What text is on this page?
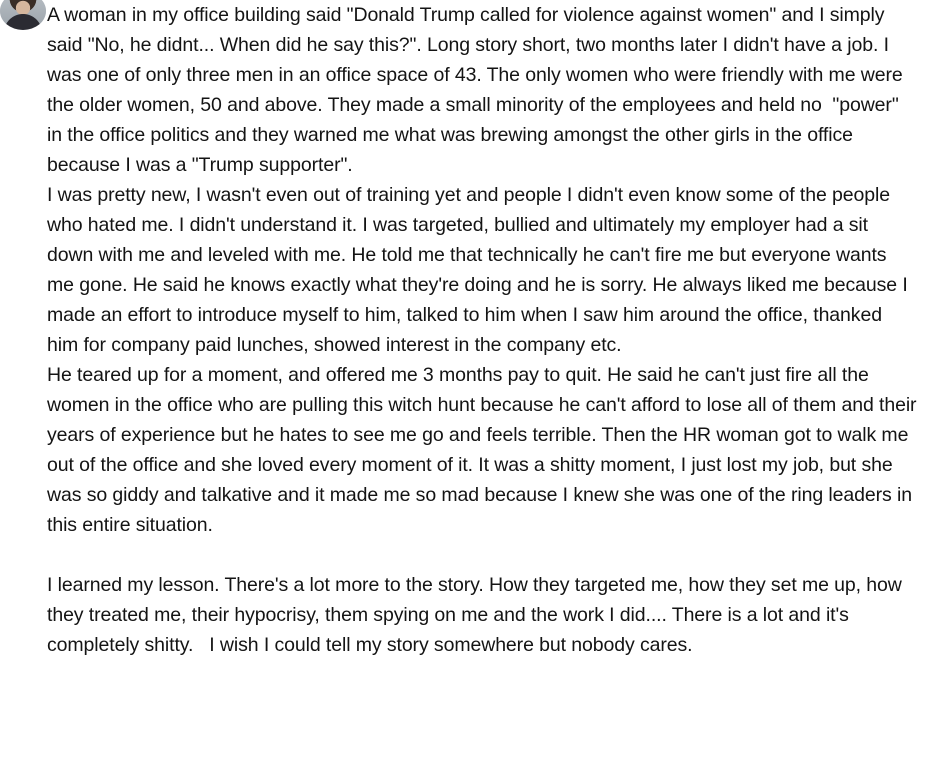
A woman in my office building said "Donald Trump called for violence against women" and I simply said "No, he didnt... When did he say this?". Long story short, two months later I didn't have a job. I was one of only three men in an office space of 43. The only women who were friendly with me were the older women, 50 and above. They made a small minority of the employees and held no  "power" in the office politics and they warned me what was brewing amongst the other girls in the office because I was a "Trump supporter".

I was pretty new, I wasn't even out of training yet and people I didn't even know some of the people who hated me. I didn't understand it. I was targeted, bullied and ultimately my employer had a sit down with me and leveled with me. He told me that technically he can't fire me but everyone wants me gone. He said he knows exactly what they're doing and he is sorry. He always liked me because I made an effort to introduce myself to him, talked to him when I saw him around the office, thanked him for company paid lunches, showed interest in the company etc.

He teared up for a moment, and offered me 3 months pay to quit. He said he can't just fire all the women in the office who are pulling this witch hunt because he can't afford to lose all of them and their years of experience but he hates to see me go and feels terrible. Then the HR woman got to walk me out of the office and she loved every moment of it. It was a shitty moment, I just lost my job, but she was so giddy and talkative and it made me so mad because I knew she was one of the ring leaders in this entire situation.

I learned my lesson. There's a lot more to the story. How they targeted me, how they set me up, how they treated me, their hypocrisy, them spying on me and the work I did.... There is a lot and it's completely shitty.   I wish I could tell my story somewhere but nobody cares.
